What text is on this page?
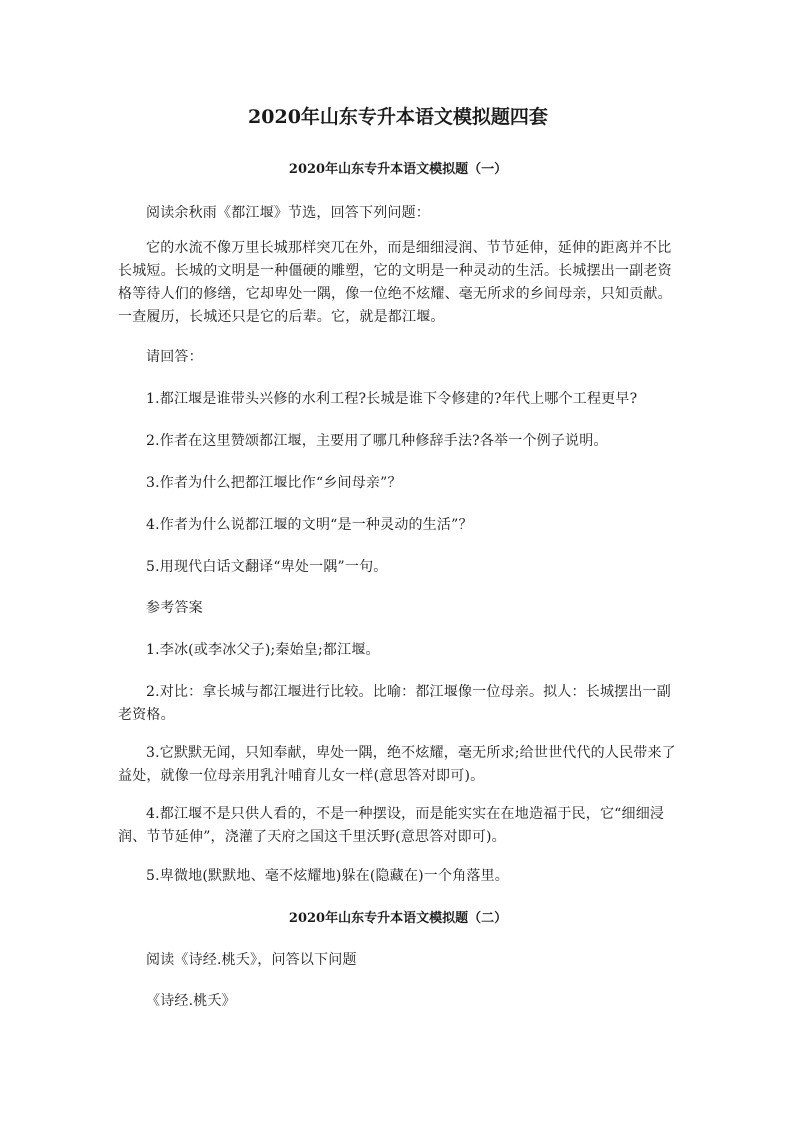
2020年山东专升本语文模拟题四套
2020年山东专升本语文模拟题（一）

阅读余秋雨《都江堰》节选，回答下列问题：

它的水流不像万里长城那样突兀在外，而是细细浸润、节节延伸，延伸的距离并不比长城短。长城的文明是一种僵硬的雕塑，它的文明是一种灵动的生活。长城摆出一副老资格等待人们的修缮，它却卑处一隅，像一位绝不炫耀、毫无所求的乡间母亲，只知贡献。一查履历，长城还只是它的后辈。它，就是都江堰。

请回答：

1.都江堰是谁带头兴修的水利工程?长城是谁下令修建的?年代上哪个工程更早?

2.作者在这里赞颂都江堰，主要用了哪几种修辞手法?各举一个例子说明。

3.作者为什么把都江堰比作“乡间母亲”？

4.作者为什么说都江堰的文明“是一种灵动的生活”？

5.用现代白话文翻译“卑处一隅”一句。

参考答案

1.李冰(或李冰父子);秦始皇;都江堰。

2.对比：拿长城与都江堰进行比较。比喻：都江堰像一位母亲。拟人：长城摆出一副老资格。

3.它默默无闻，只知奉献，卑处一隅，绝不炫耀，毫无所求;给世世代代的人民带来了益处，就像一位母亲用乳汁哺育儿女一样(意思答对即可)。

4.都江堰不是只供人看的，不是一种摆设，而是能实实在在地造福于民，它“细细浸润、节节延伸”，浇灌了天府之国这千里沃野(意思答对即可)。

5.卑微地(默默地、毫不炫耀地)躲在(隐藏在)一个角落里。

2020年山东专升本语文模拟题（二）

阅读《诗经.桃夭》，问答以下问题

《诗经.桃夭》
